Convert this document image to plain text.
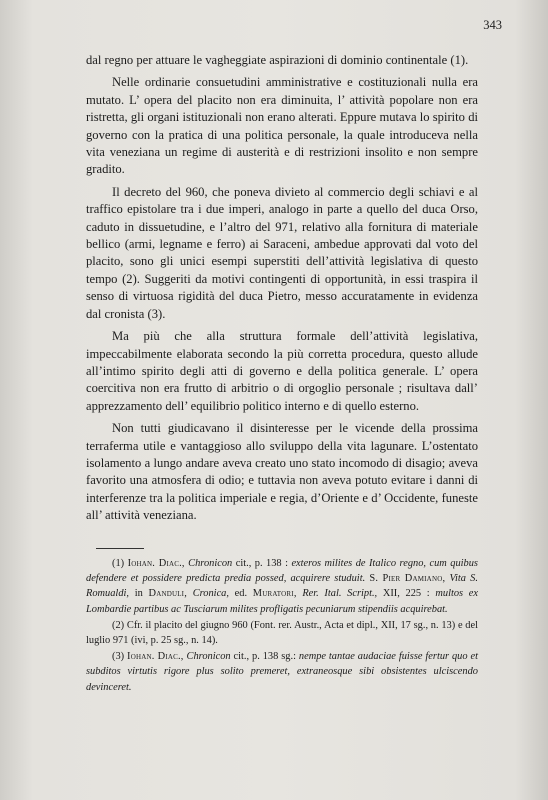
343

dal regno per attuare le vagheggiate aspirazioni di dominio continentale (1).

Nelle ordinarie consuetudini amministrative e costituzionali nulla era mutato. L’ opera del placito non era diminuita, l’ attività popolare non era ristretta, gli organi istituzionali non erano alterati. Eppure mutava lo spirito di governo con la pratica di una politica personale, la quale introduceva nella vita veneziana un regime di austerità e di restrizioni insolito e non sempre gradito.

Il decreto del 960, che poneva divieto al commercio degli schiavi e al traffico epistolare tra i due imperi, analogo in parte a quello del duca Orso, caduto in dissuetudine, e l’altro del 971, relativo alla fornitura di materiale bellico (armi, legname e ferro) ai Saraceni, ambedue approvati dal voto del placito, sono gli unici esempi superstiti dell’attività legislativa di questo tempo (2). Suggeriti da motivi contingenti di opportunità, in essi traspira il senso di virtuosa rigidità del duca Pietro, messo accuratamente in evidenza dal cronista (3).

Ma più che alla struttura formale dell’attività legislativa, impeccabilmente elaborata secondo la più corretta procedura, questo allude all’intimo spirito degli atti di governo e della politica generale. L’ opera coercitiva non era frutto di arbitrio o di orgoglio personale ; risultava dall’ apprezzamento dell’ equilibrio politico interno e di quello esterno.

Non tutti giudicavano il disinteresse per le vicende della prossima terraferma utile e vantaggioso allo sviluppo della vita lagunare. L’ostentato isolamento a lungo andare aveva creato uno stato incomodo di disagio; aveva favorito una atmosfera di odio; e tuttavia non aveva potuto evitare i danni di interferenze tra la politica imperiale e regia, d’Oriente e d’ Occidente, funeste all’ attività veneziana.

(1) Iohan. Diac., Chronicon cit., p. 138 : exteros milites de Italico regno, cum quibus defendere et possidere predicta predia possed, acquirere studuit. S. Pier Damiano, Vita S. Romualdi, in Danduli, Cronica, ed. Muratori, Rer. Ital. Script., XII, 225 : multos ex Lombardie partibus ac Tusciarum milites profligatis pecuniarum stipendiis acquirebat.

(2) Cfr. il placito del giugno 960 (Font. rer. Austr., Acta et dipl., XII, 17 sg., n. 13) e del luglio 971 (ivi, p. 25 sg., n. 14).

(3) Iohan. Diac., Chronicon cit., p. 138 sg.: nempe tantae audaciae fuisse fertur quo et subditos virtutis rigore plus solito premeret, extraneosque sibi obsistentes ulciscendo devinceret.
